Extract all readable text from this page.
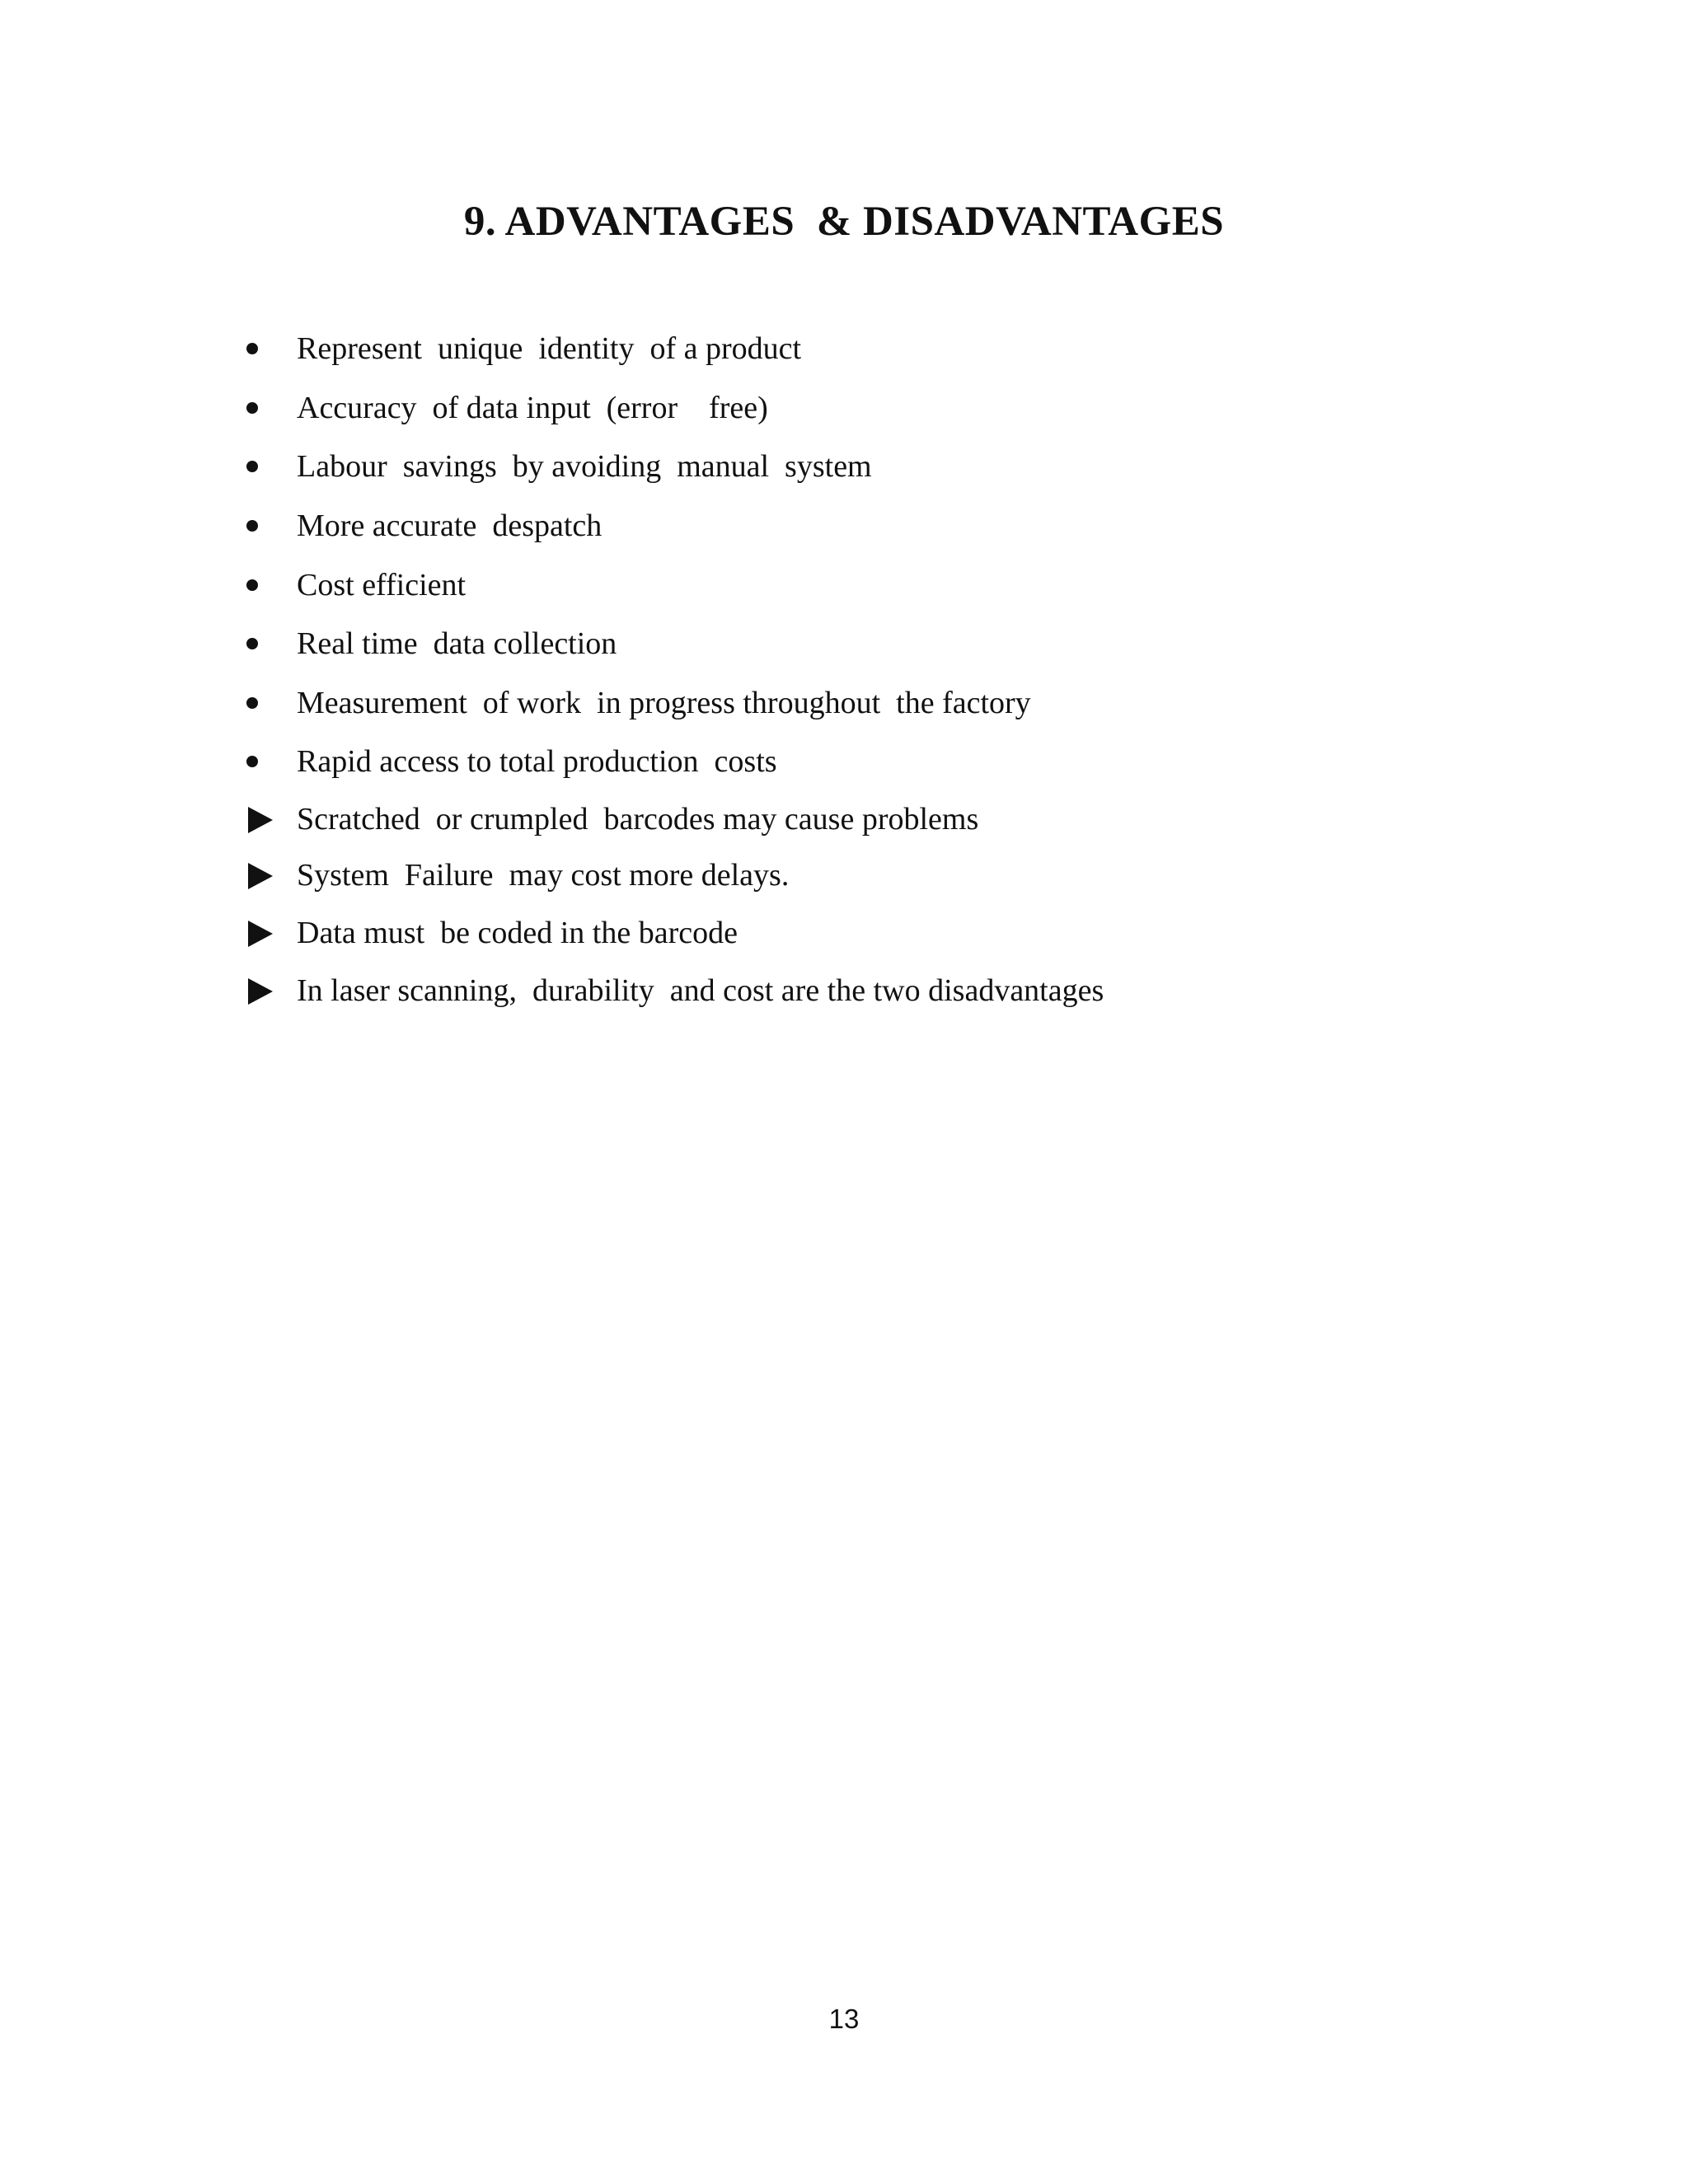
9. ADVANTAGES  & DISADVANTAGES
Represent  unique  identity  of a product
Accuracy  of data input  (error    free)
Labour  savings  by avoiding  manual  system
More accurate  despatch
Cost efficient
Real time  data collection
Measurement  of work  in progress throughout  the factory
Rapid access to total production  costs
Scratched  or crumpled  barcodes may cause problems
System  Failure  may cost more delays.
Data must  be coded in the barcode
In laser scanning,  durability  and cost are the two disadvantages
13
